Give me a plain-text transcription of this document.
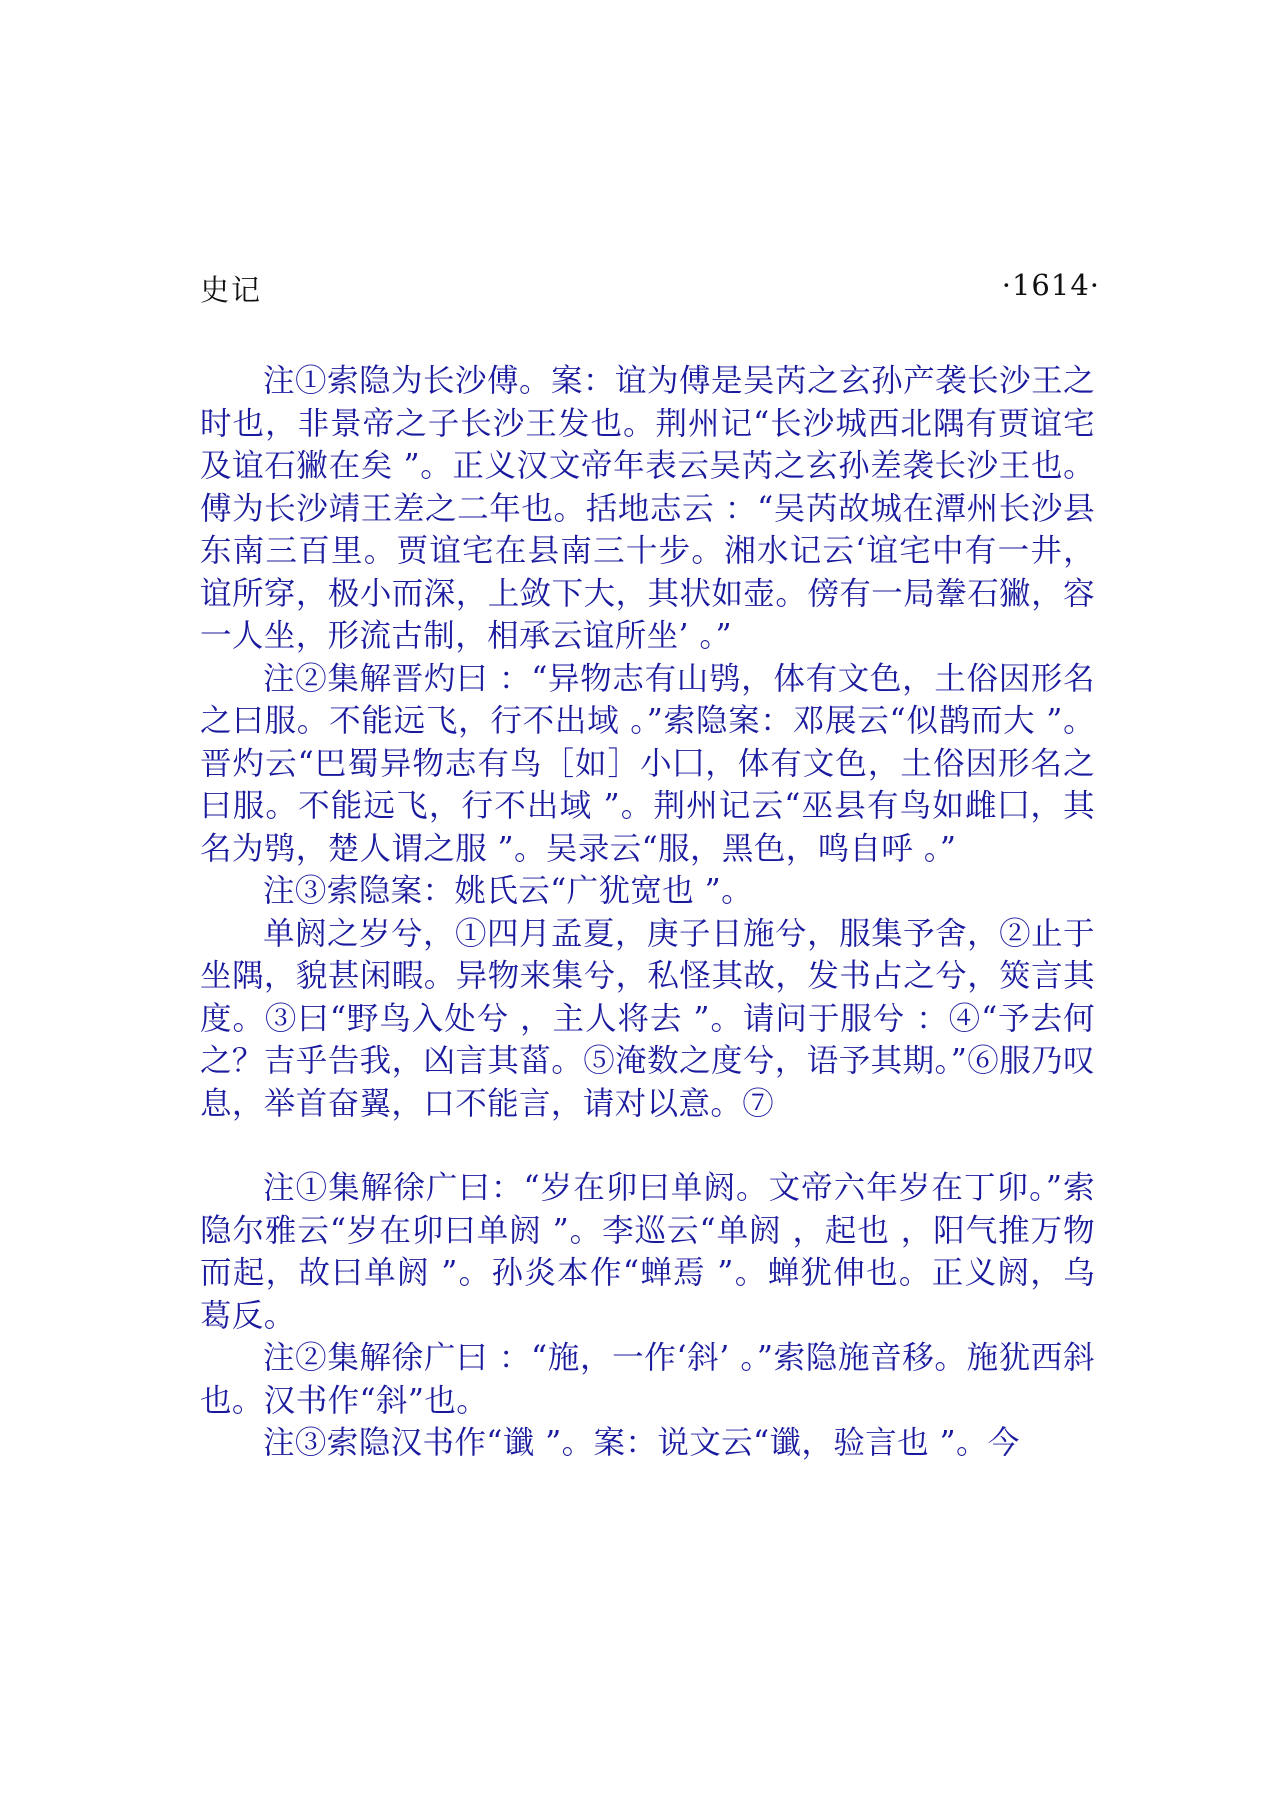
史记	·1614·

注①索隐为长沙傅。案：谊为傅是吴芮之玄孙产袭长沙王之时也，非景帝之子长沙王发也。荆州记“长沙城西北隅有贾谊宅及谊石獙在矣 ”。正义汉文帝年表云吴芮之玄孙差袭长沙王也。傅为长沙靖王差之二年也。括地志云 ：“吴芮故城在潭州长沙县东南三百里。贾谊宅在县南三十步。湘水记云‘谊宅中有一井，谊所穿，极小而深，上敛下大，其状如壶。傍有一局韏石獙，容一人坐，形流古制，相承云谊所坐’ 。”

注②集解晋灼曰 ：“异物志有山鸮，体有文色，土俗因形名之曰服。不能远飞，行不出域 。”索隐案：邓展云“似鹊而大 ”。晋灼云“巴蜀异物志有鸟［如］小囗，体有文色，土俗因形名之曰服。不能远飞，行不出域 ”。荆州记云“巫县有鸟如雌囗，其名为鸮，楚人谓之服 ”。吴录云“服，黑色，鸣自呼 。”

注③索隐案：姚氏云“广犹宽也 ”。

单阏之岁兮，①四月孟夏，庚子日施兮，服集予舍，②止于坐隅，貌甚闲暇。异物来集兮，私怪其故，发书占之兮，筴言其度。③曰“野鸟入处兮 ，主人将去 ”。请问于服兮 ：④“予去何之？吉乎告我，凶言其菑。⑤淹数之度兮，语予其期。”⑥服乃叹息，举首奋翼，口不能言，请对以意。⑦

注①集解徐广曰：“岁在卯曰单阏。文帝六年岁在丁卯。”索隐尔雅云“岁在卯曰单阏 ”。李巡云“单阏 ，起也 ，阳气推万物而起，故曰单阏 ”。孙炎本作“蝉焉 ”。蝉犹伸也。正义阏，乌葛反。

注②集解徐广曰 ：“施，一作‘斜’ 。”索隐施音移。施犹西斜也。汉书作“斜”也。

注③索隐汉书作“谶 ”。案：说文云“谶，验言也 ”。今
